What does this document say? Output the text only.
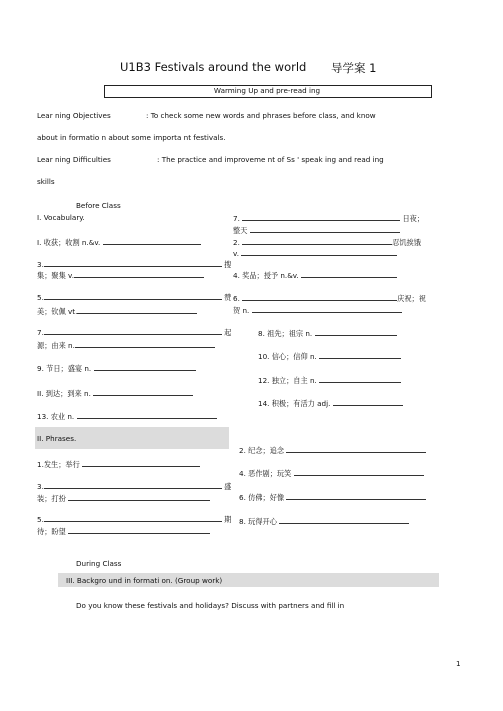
U1B3 Festivals around the world 导学案 1
Warming Up and pre-read ing
Lear ning Objectives	: To check some new words and phrases before class, and know
about in formatio n about some importa nt festivals.
Lear ning Difficulties	: The practice and improveme nt of Ss ' speak ing and read ing
skills
Before Class
I. Vocabulary.
I. 收获；收割 n.&v.
3.	搜
集；聚集 v.
5.	赞
美；钦佩 vt.
7.	起
源；由来 n.
9. 节日；盛宴 n.
II. 到达；到来 n.
13. 农业 n.
7.	日夜；
整天
2.	忍饥挨饿
v.
4. 奖品；授予 n.&v.
6.	庆祝；祝
贺 n.
8. 祖先；祖宗 n.
10. 信心；信仰 n.
12. 独立；自主 n.
14. 积极；有活力 adj.
II. Phrases.
1.发生；举行
3.	盛
装；打扮
5.	期
待；盼望
2. 纪念；追念
4. 恶作剧；玩笑
6. 仿佛；好像
8. 玩得开心
During Class
III. Backgro und in formati on. (Group work)
Do you know these festivals and holidays? Discuss with partners and fill in
1
